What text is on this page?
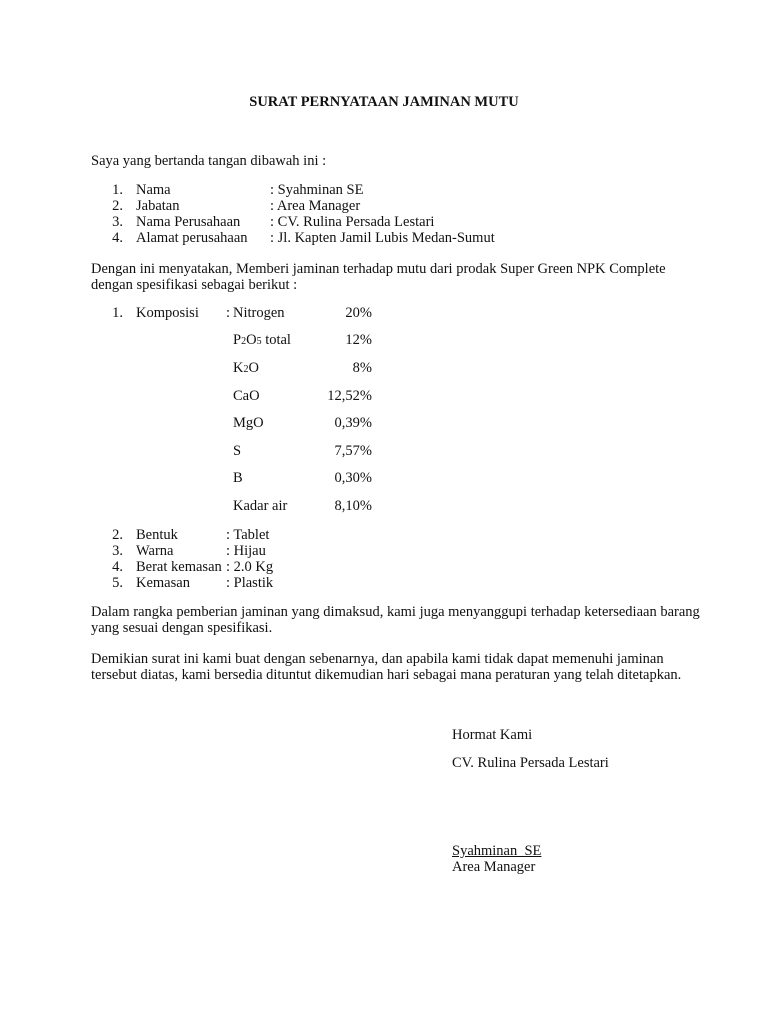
SURAT PERNYATAAN JAMINAN MUTU
Saya yang bertanda tangan dibawah ini :
1. Nama	: Syahminan SE
2. Jabatan	: Area Manager
3. Nama Perusahaan : CV. Rulina Persada Lestari
4. Alamat perusahaan : Jl. Kapten Jamil Lubis Medan-Sumut
Dengan ini menyatakan, Memberi jaminan terhadap mutu dari prodak Super Green NPK Complete
dengan spesifikasi sebagai berikut :
1. Komposisi : Nitrogen	20%
P2O5 total	12%
K2O	8%
CaO	12,52%
MgO	0,39%
S	7,57%
B	0,30%
Kadar air	8,10%
2. Bentuk	: Tablet
3. Warna	: Hijau
4. Berat kemasan : 2.0 Kg
5. Kemasan : Plastik
Dalam rangka pemberian jaminan yang dimaksud, kami juga menyanggupi terhadap ketersediaan barang
yang sesuai dengan spesifikasi.
Demikian surat ini kami buat dengan sebenarnya, dan apabila kami tidak dapat memenuhi jaminan
tersebut diatas, kami bersedia dituntut dikemudian hari sebagai mana peraturan yang telah ditetapkan.
Hormat Kami
CV. Rulina Persada Lestari
Syahminan  SE
Area Manager
